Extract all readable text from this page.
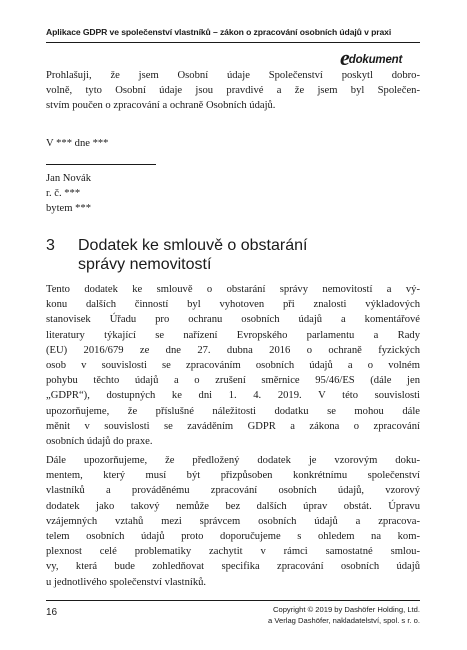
Aplikace GDPR ve společenství vlastníků – zákon o zpracování osobních údajů v praxi
e dokument
Prohlašuji, že jsem Osobní údaje Společenství poskytl dobro-
volně, tyto Osobní údaje jsou pravdivé a že jsem byl Společen-
stvím poučen o zpracování a ochraně Osobních údajů.
V *** dne ***
Jan Novák
r. č. ***
bytem ***
3 Dodatek ke smlouvě o obstarání
správy nemovitostí
Tento dodatek ke smlouvě o obstarání správy nemovitostí a vý-
konu dalších činností byl vyhotoven při znalosti výkladových
stanovisek Úřadu pro ochranu osobních údajů a komentářové
literatury týkající se nařízení Evropského parlamentu a Rady
(EU) 2016/679 ze dne 27. dubna 2016 o ochraně fyzických
osob v souvislosti se zpracováním osobních údajů a o volném
pohybu těchto údajů a o zrušení směrnice 95/46/ES (dále jen
„GDPR“), dostupných ke dni 1. 4. 2019. V této souvislosti
upozorňujeme, že příslušné náležitosti dodatku se mohou dále
měnit v souvislosti se zaváděním GDPR a zákona o zpracování
osobních údajů do praxe.
Dále upozorňujeme, že předložený dodatek je vzorovým doku-
mentem, který musí být přizpůsoben konkrétnímu společenství
vlastníků a prováděnému zpracování osobních údajů, vzorový
dodatek jako takový nemůže bez dalších úprav obstát. Úpravu
vzájemných vztahů mezi správcem osobních údajů a zpracova-
telem osobních údajů proto doporučujeme s ohledem na kom-
plexnost celé problematiky zachytit v rámci samostatné smlou-
vy, která bude zohledňovat specifika zpracování osobních údajů
u jednotlivého společenství vlastníků.
16	Copyright © 2019 by Dashöfer Holding, Ltd.
a Verlag Dashöfer, nakladatelství, spol. s r. o.
